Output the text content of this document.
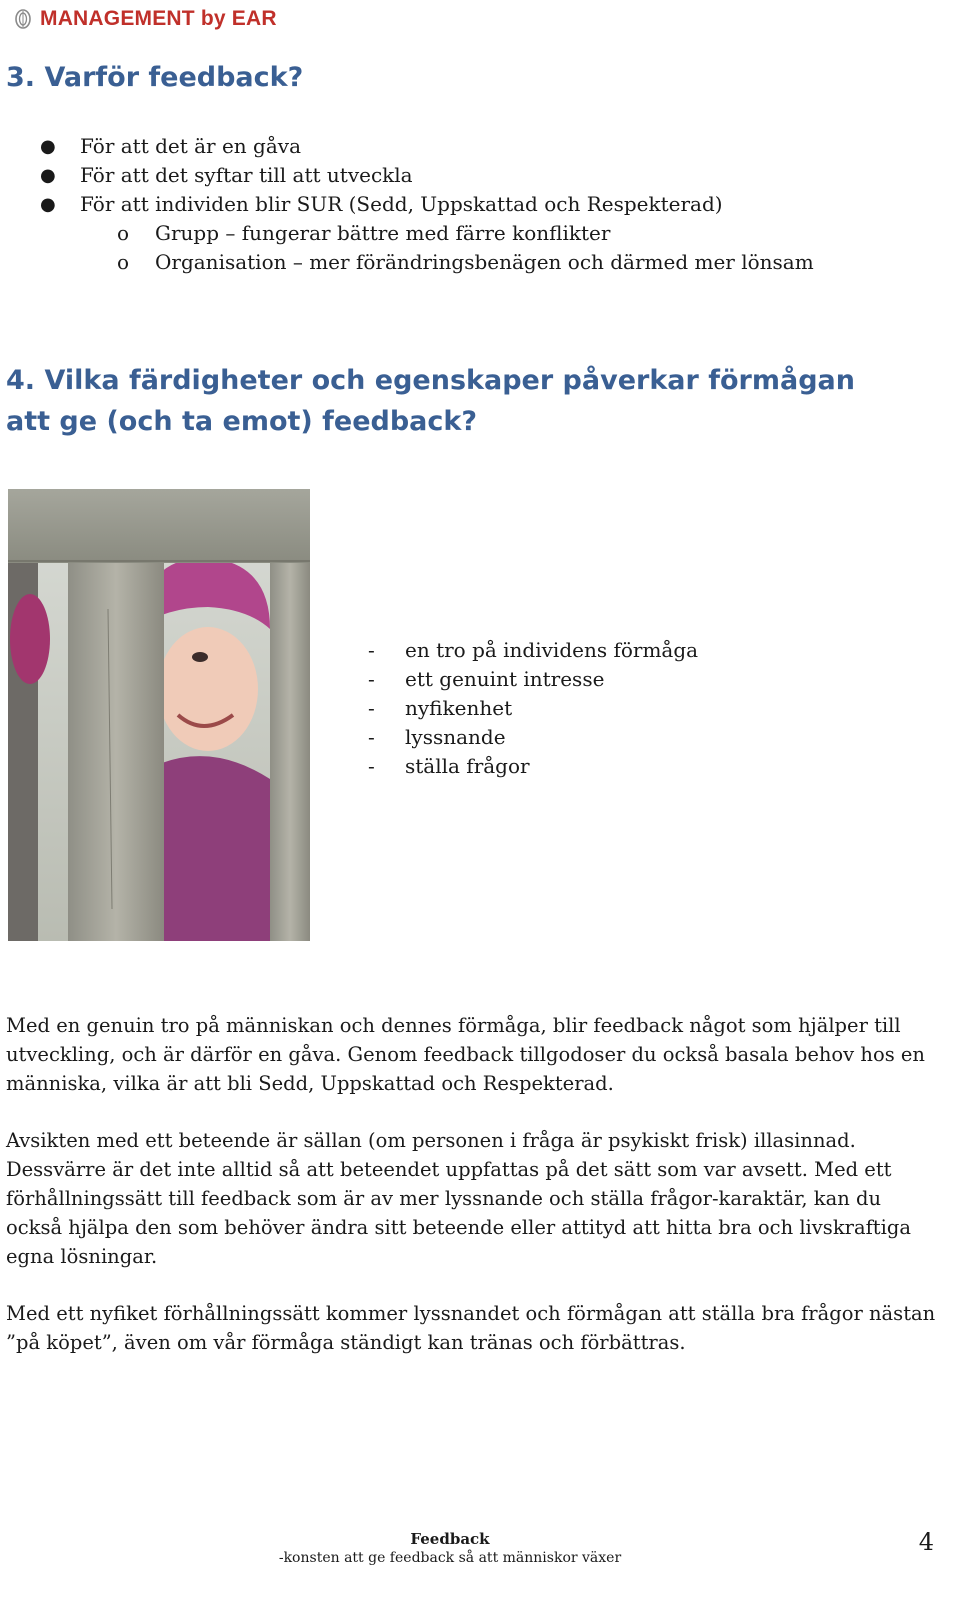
MANAGEMENT by EAR
3. Varför feedback?
● För att det är en gåva
● För att det syftar till att utveckla
● För att individen blir SUR (Sedd, Uppskattad och Respekterad)
o Grupp – fungerar bättre med färre konflikter
o Organisation – mer förändringsbenägen och därmed mer lönsam
4. Vilka färdigheter och egenskaper påverkar förmågan att ge (och ta emot) feedback?
- en tro på individens förmåga
- ett genuint intresse
- nyfikenhet
- lyssnande
- ställa frågor

Med en genuin tro på människan och dennes förmåga, blir feedback något som hjälper till utveckling, och är därför en gåva. Genom feedback tillgodoser du också basala behov hos en människa, vilka är att bli Sedd, Uppskattad och Respekterad.

Avsikten med ett beteende är sällan (om personen i fråga är psykiskt frisk) illasinnad. Dessvärre är det inte alltid så att beteendet uppfattas på det sätt som var avsett. Med ett förhållningssätt till feedback som är av mer lyssnande och ställa frågor-karaktär, kan du också hjälpa den som behöver ändra sitt beteende eller attityd att hitta bra och livskraftiga egna lösningar.

Med ett nyfiket förhållningssätt kommer lyssnandet och förmågan att ställa bra frågor nästan ”på köpet”, även om vår förmåga ständigt kan tränas och förbättras.

Feedback
-konsten att ge feedback så att människor växer
4
